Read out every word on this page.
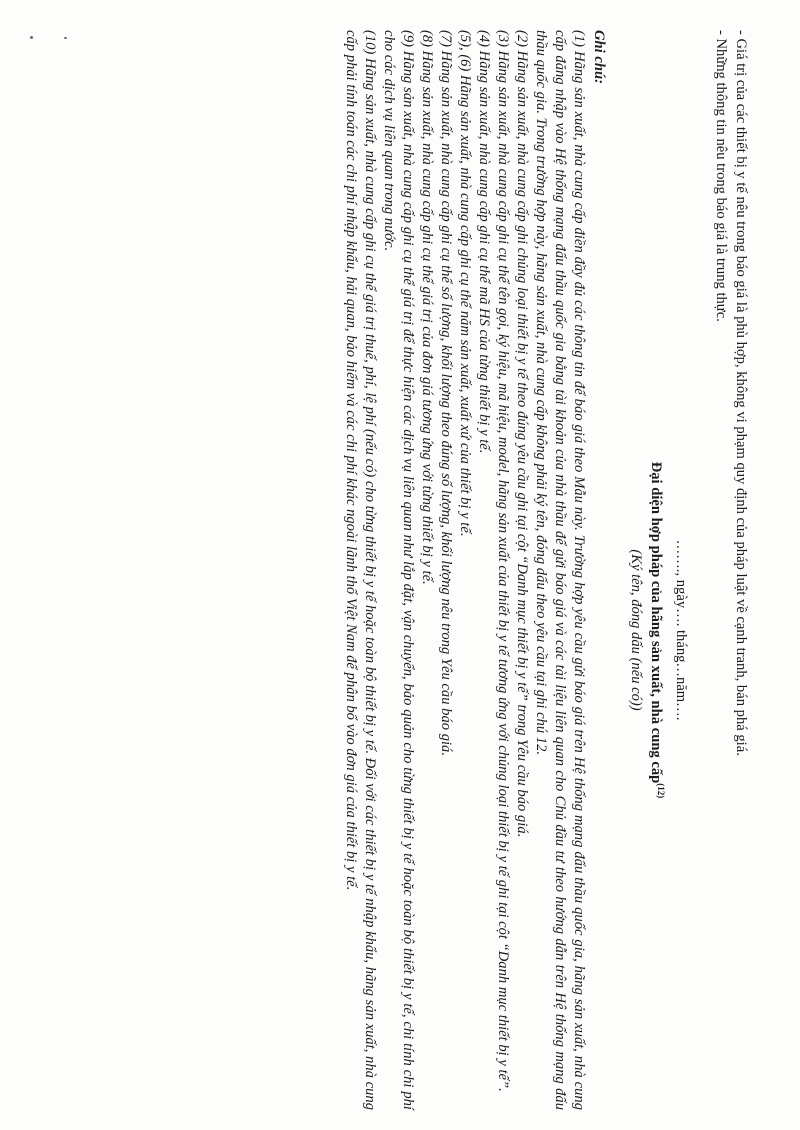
- Giá trị của các thiết bị y tế nêu trong báo giá là phù hợp, không vi phạm quy định của pháp luật về cạnh tranh, bán phá giá.
- Những thông tin nêu trong báo giá là trung thực.
……., ngày…. tháng…năm….
Đại diện hợp pháp của hãng sản xuất, nhà cung cấp$^{(12)}$
(Ký tên, đóng dấu (nếu có))
Ghi chú:

(1) Hãng sản xuất, nhà cung cấp điền đầy đủ các thông tin để báo giá theo Mẫu này. Trường hợp yêu cầu gửi báo giá trên Hệ thống mạng đấu thầu quốc gia, hãng sản xuất, nhà cung cấp đăng nhập vào Hệ thống mạng đấu thầu quốc gia bằng tài khoản của nhà thầu để gửi báo giá và các tài liệu liên quan cho Chủ đầu tư theo hướng dẫn trên Hệ thống mạng đấu thầu quốc gia. Trong trường hợp này, hãng sản xuất, nhà cung cấp không phải ký tên, đóng dấu theo yêu cầu tại ghi chú 12.

(2) Hãng sản xuất, nhà cung cấp ghi chủng loại thiết bị y tế theo đúng yêu cầu ghi tại cột “Danh mục thiết bị y tế” trong Yêu cầu báo giá.

(3) Hãng sản xuất, nhà cung cấp ghi cụ thể tên gọi, ký hiệu, mã hiệu, model, hãng sản xuất của thiết bị y tế tương ứng với chủng loại thiết bị y tế ghi tại cột “Danh mục thiết bị y tế”.

(4) Hãng sản xuất, nhà cung cấp ghi cụ thể mã HS của từng thiết bị y tế.

(5), (6) Hãng sản xuất, nhà cung cấp ghi cụ thể năm sản xuất, xuất xứ của thiết bị y tế.

(7) Hãng sản xuất, nhà cung cấp ghi cụ thể số lượng, khối lượng theo đúng số lượng, khối lượng nêu trong Yêu cầu báo giá.

(8) Hãng sản xuất, nhà cung cấp ghi cụ thể giá trị của đơn giá tương ứng với từng thiết bị y tế.

(9) Hãng sản xuất, nhà cung cấp ghi cụ thể giá trị để thực hiện các dịch vụ liên quan như lắp đặt, vận chuyển, bảo quản cho từng thiết bị y tế hoặc toàn bộ thiết bị y tế, chi tính chi phí cho các dịch vụ liên quan trong nước.

(10) Hãng sản xuất, nhà cung cấp ghi cụ thể giá trị thuế, phí, lệ phí (nếu có) cho từng thiết bị y tế hoặc toàn bộ thiết bị y tế. Đối với các thiết bị y tế nhập khẩu, hãng sản xuất, nhà cung cấp phải tính toán các chi phí nhập khẩu, hải quan, bảo hiểm và các chi phí khác ngoài lãnh thổ Việt Nam để phân bổ vào đơn giá của thiết bị y tế.
